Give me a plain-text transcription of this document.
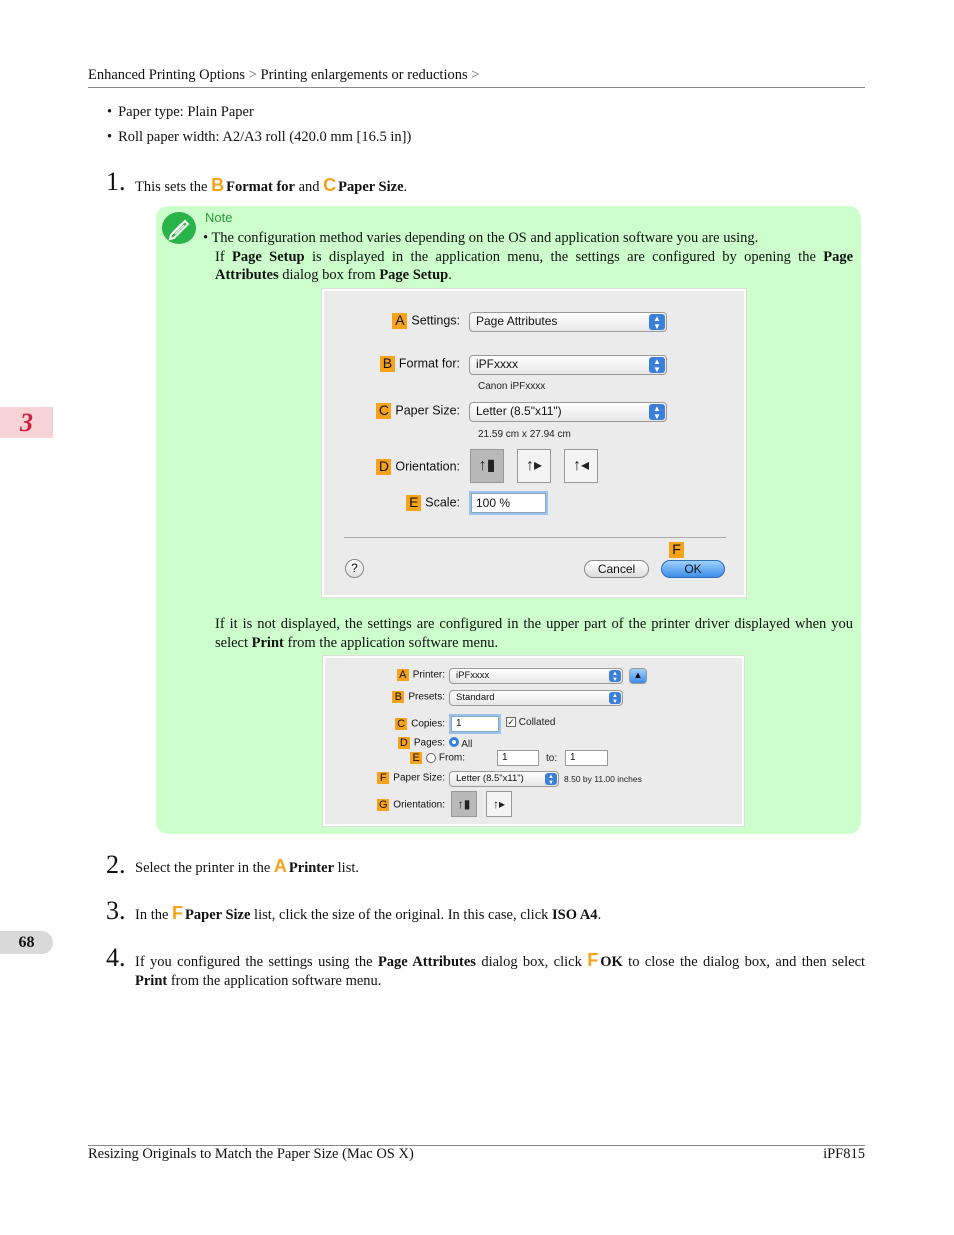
Enhanced Printing Options > Printing enlargements or reductions >
• Paper type: Plain Paper
• Roll paper width: A2/A3 roll (420.0 mm [16.5 in])
1. This sets the B Format for and C Paper Size.
Note
• The configuration method varies depending on the OS and application software you are using.
If Page Setup is displayed in the application menu, the settings are configured by opening the Page Attributes dialog box from Page Setup.
A Settings:	Page Attributes	▲
▼
B Format for:	iPFxxxx	▲
▼
Canon iPFxxxx
C Paper Size:	Letter (8.5"x11")	▲
▼
21.59 cm x 27.94 cm
D Orientation:	↑▮	↑▸	↑◂
E Scale:	100 %
F
?	Cancel	OK
If it is not displayed, the settings are configured in the upper part of the printer driver displayed when you select Print from the application software menu.
A Printer:	iPFxxxx	▲
▼	▲
B Presets:	Standard	▲
▼
C Copies:	1	✓ Collated
D Pages:	All
E From:	1	to:	1
F Paper Size:	Letter (8.5"x11")	▲
▼	8.50 by 11.00 inches
G Orientation:	↑▮	↑▸
2. Select the printer in the A Printer list.
3. In the F Paper Size list, click the size of the original. In this case, click ISO A4.
4. If you configured the settings using the Page Attributes dialog box, click F OK to close the dialog box, and then select Print from the application software menu.
3
68
Resizing Originals to Match the Paper Size (Mac OS X)	iPF815
